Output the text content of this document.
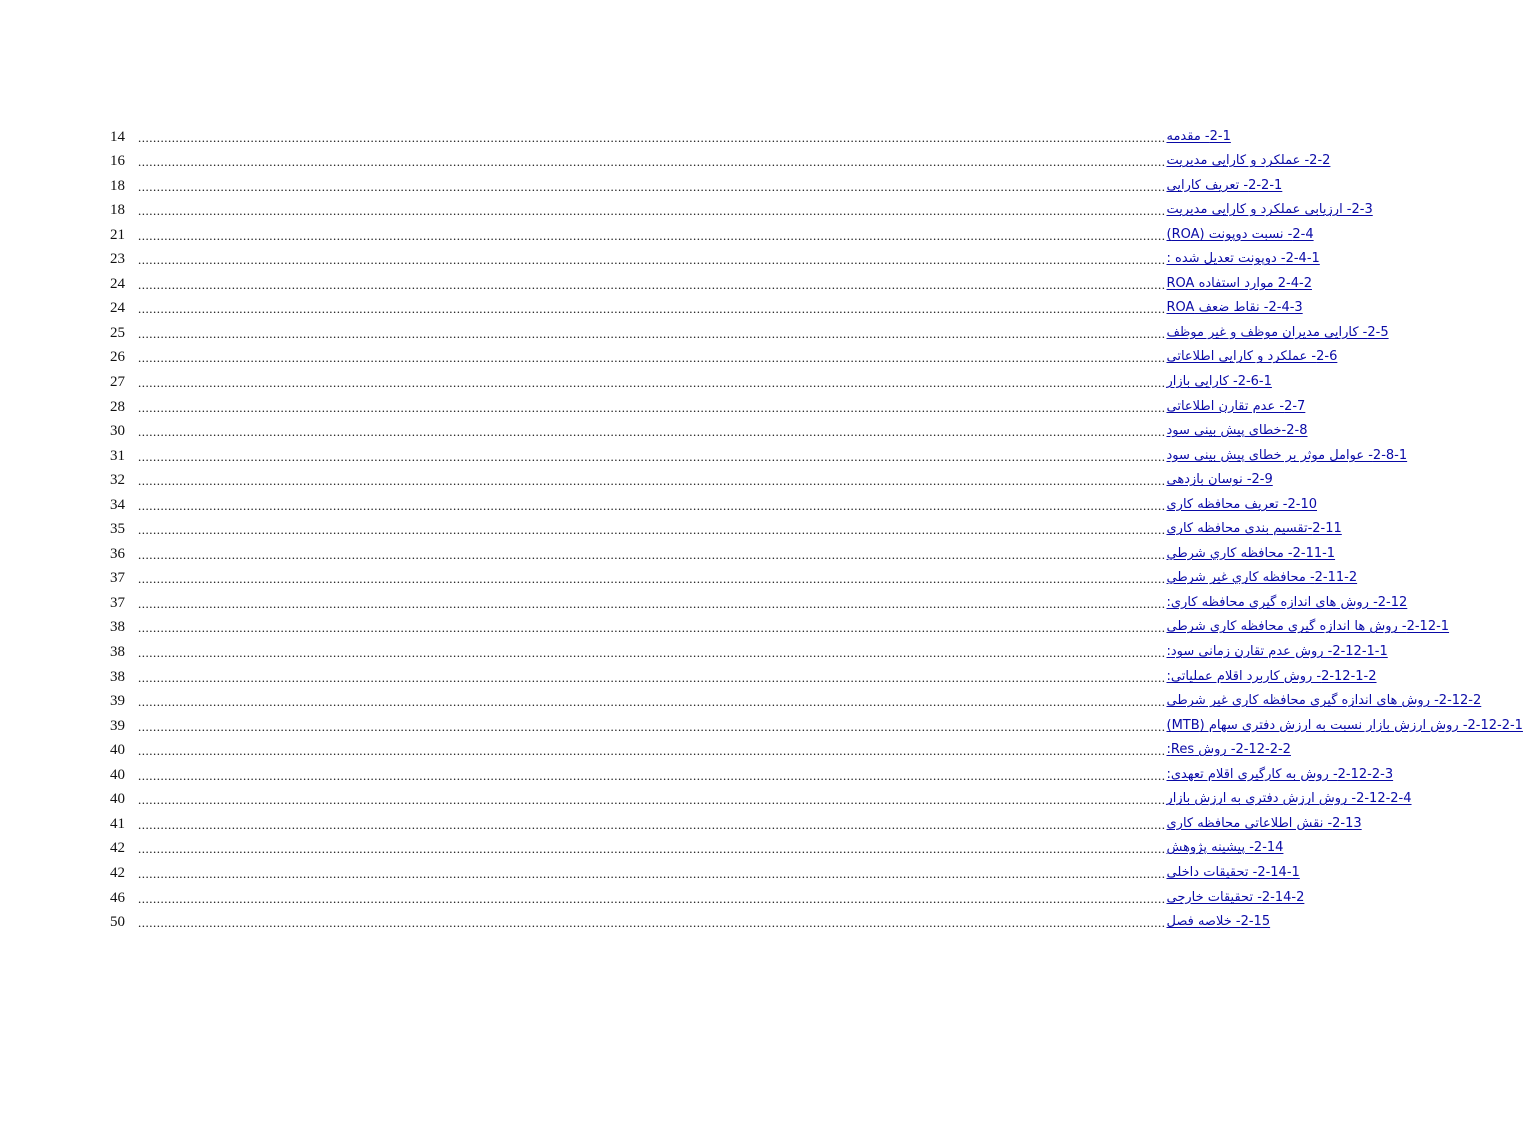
14	.................................................................................................................................................................................................................................................................................. 2-1- مقدمه
16	.................................................................................................................................................................................................................................................................................. 2-2- عملکرد و کارایی مدیریت
18	.................................................................................................................................................................................................................................................................................. 2-2-1- تعریف کارایی
18	.................................................................................................................................................................................................................................................................................. 2-3- ارزیابی عملکرد و کارایی مدیریت
21	.................................................................................................................................................................................................................................................................................. 2-4- نسبت دوپونت (ROA)
23	.................................................................................................................................................................................................................................................................................. 2-4-1- دوپونت تعدیل شده :
24	.................................................................................................................................................................................................................................................................................. 2-4-2 موارد استفاده ROA
24	.................................................................................................................................................................................................................................................................................. 2-4-3- نقاط ضعف ROA
25	.................................................................................................................................................................................................................................................................................. 2-5- کارایی مدیران موظف و غیر موظف
26	.................................................................................................................................................................................................................................................................................. 2-6- عملکرد و کارایی اطلاعاتی
27	.................................................................................................................................................................................................................................................................................. 2-6-1- کارایی بازار
28	.................................................................................................................................................................................................................................................................................. 2-7- عدم تقارن اطلاعاتی
30	.................................................................................................................................................................................................................................................................................. 2-8-خطای پیش بینی سود
31	.................................................................................................................................................................................................................................................................................. 2-8-1- عوامل موثر بر خطای پیش بینی سود
32	.................................................................................................................................................................................................................................................................................. 2-9- نوسان بازدهی
34	.................................................................................................................................................................................................................................................................................. 2-10- تعریف محافظه کاری
35	.................................................................................................................................................................................................................................................................................. 2-11-تقسیم بندی محافظه کاری
36	.................................................................................................................................................................................................................................................................................. 2-11-1- محافظه کاري شرطي
37	.................................................................................................................................................................................................................................................................................. 2-11-2- محافظه کاري غير شرطي
37	.................................................................................................................................................................................................................................................................................. 2-12- روش های اندازه گیری محافظه کاری:
38	.................................................................................................................................................................................................................................................................................. 2-12-1- روش ها اندازه گیری محافظه کاری شرطی
38	.................................................................................................................................................................................................................................................................................. 2-12-1-1- روش عدم تقارن زمانی سود:
38	.................................................................................................................................................................................................................................................................................. 2-12-1-2- روش کاربرد اقلام عملیاتی:
39	.................................................................................................................................................................................................................................................................................. 2-12-2- روش های اندازه گیری محافظه کاری غیر شرطی
39	.................................................................................................................................................................................................................................................................................. 2-12-2-1- روش ارزش بازار نسبت به ارزش دفتری سهام (MTB)
40	.................................................................................................................................................................................................................................................................................. 2-12-2-2- روش Res:
40	.................................................................................................................................................................................................................................................................................. 2-12-2-3- روش به کارگیری اقلام تعهدی:
40	.................................................................................................................................................................................................................................................................................. 2-12-2-4- روش ارزش دفتری به ارزش بازار
41	.................................................................................................................................................................................................................................................................................. 2-13- نقش اطلاعاتی محافظه کاری
42	.................................................................................................................................................................................................................................................................................. 2-14- پیشینه پژوهش
42	.................................................................................................................................................................................................................................................................................. 2-14-1- تحقیقات داخلی
46	.................................................................................................................................................................................................................................................................................. 2-14-2- تحقیقات خارجی
50	.................................................................................................................................................................................................................................................................................. 2-15- خلاصه فصل
